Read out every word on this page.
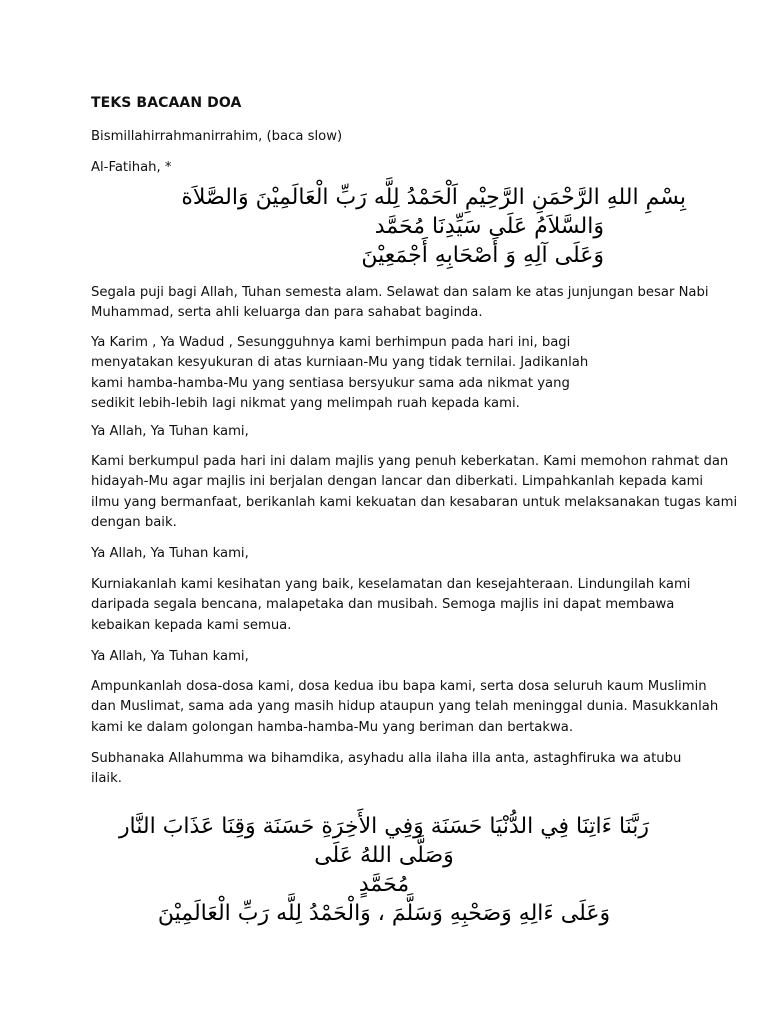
TEKS BACAAN DOA

Bismillahirrahmanirrahim, (baca slow)

Al-Fatihah, *

بِسْمِ اللهِ الرَّحْمَنِ الرَّحِيْمِ اَلْحَمْدُ لِلَّه رَبِّ الْعَالَمِيْنَ وَالصَّلاَة
وَالسَّلاَمُ عَلَى سَيِّدِنَا مُحَمَّد
وَعَلَى آلِهِ وَ أَصْحَابِهِ أَجْمَعِيْنَ

Segala puji bagi Allah, Tuhan semesta alam. Selawat dan salam ke atas junjungan besar Nabi
Muhammad, serta ahli keluarga dan para sahabat baginda.

Ya Karim , Ya Wadud , Sesungguhnya kami berhimpun pada hari ini, bagi
menyatakan kesyukuran di atas kurniaan-Mu yang tidak ternilai. Jadikanlah
kami hamba-hamba-Mu yang sentiasa bersyukur sama ada nikmat yang
sedikit lebih-lebih lagi nikmat yang melimpah ruah kepada kami.

Ya Allah, Ya Tuhan kami,

Kami berkumpul pada hari ini dalam majlis yang penuh keberkatan. Kami memohon rahmat dan
hidayah-Mu agar majlis ini berjalan dengan lancar dan diberkati. Limpahkanlah kepada kami
ilmu yang bermanfaat, berikanlah kami kekuatan dan kesabaran untuk melaksanakan tugas kami
dengan baik.

Ya Allah, Ya Tuhan kami,

Kurniakanlah kami kesihatan yang baik, keselamatan dan kesejahteraan. Lindungilah kami
daripada segala bencana, malapetaka dan musibah. Semoga majlis ini dapat membawa
kebaikan kepada kami semua.

Ya Allah, Ya Tuhan kami,

Ampunkanlah dosa-dosa kami, dosa kedua ibu bapa kami, serta dosa seluruh kaum Muslimin
dan Muslimat, sama ada yang masih hidup ataupun yang telah meninggal dunia. Masukkanlah
kami ke dalam golongan hamba-hamba-Mu yang beriman dan bertakwa.

Subhanaka Allahumma wa bihamdika, asyhadu alla ilaha illa anta, astaghfiruka wa atubu ilaik.

رَبَّنَا ءَاتِنَا فِي الدُّنْيَا حَسَنَة وَفِي الأَخِرَةِ حَسَنَة وَقِنَا عَذَابَ النَّار
وَصَلَّى اللهُ عَلَى
مُحَمَّدٍ
وَعَلَى ءَالِهِ وَصَحْبِهِ وَسَلَّمَ ، وَالْحَمْدُ لِلَّه رَبِّ الْعَالَمِيْنَ
